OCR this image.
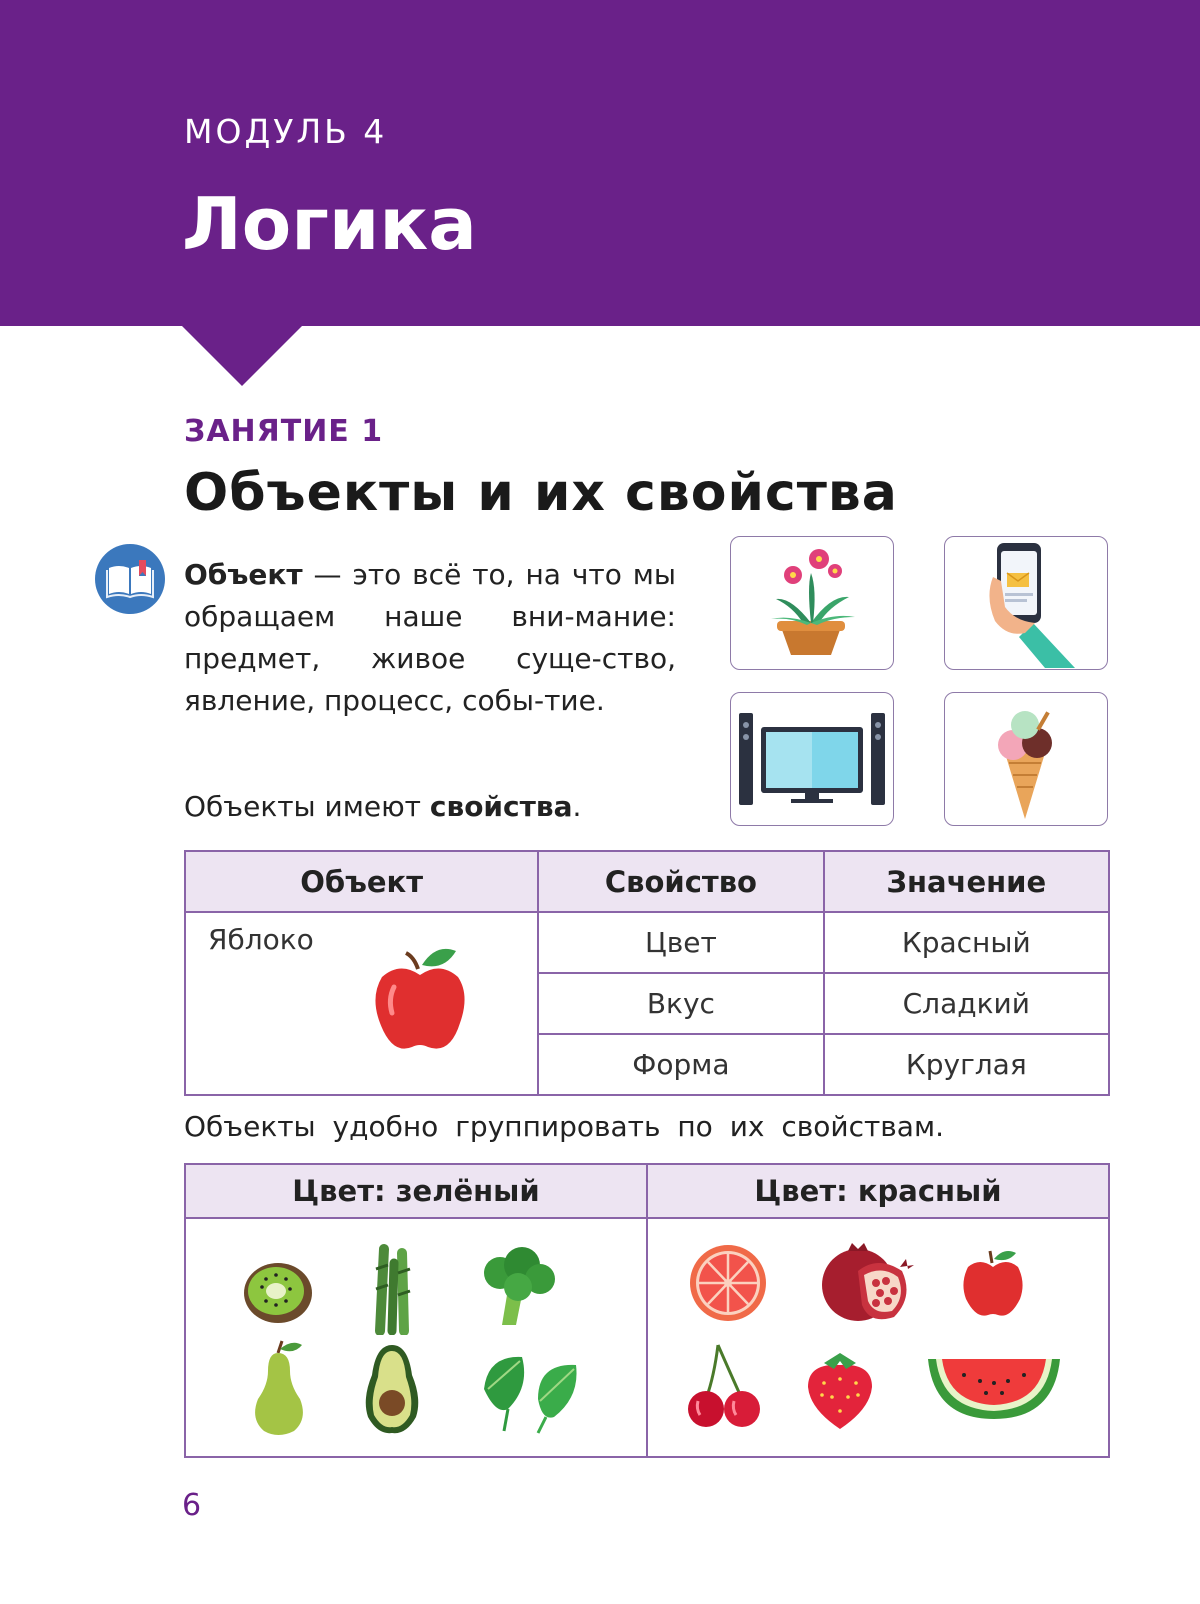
МОДУЛЬ 4
Логика
ЗАНЯТИЕ 1
Объекты и их свойства
Объект — это всё то, на что мы обращаем наше вни-мание: предмет, живое суще-ство, явление, процесс, собы-тие.
Объекты имеют свойства.
Объект	Свойство	Значение

Яблоко	Цвет	Красный
	Вкус	Сладкий
	Форма	Круглая
Объекты удобно группировать по их свойствам.
Цвет: зелёный	Цвет: красный

6
